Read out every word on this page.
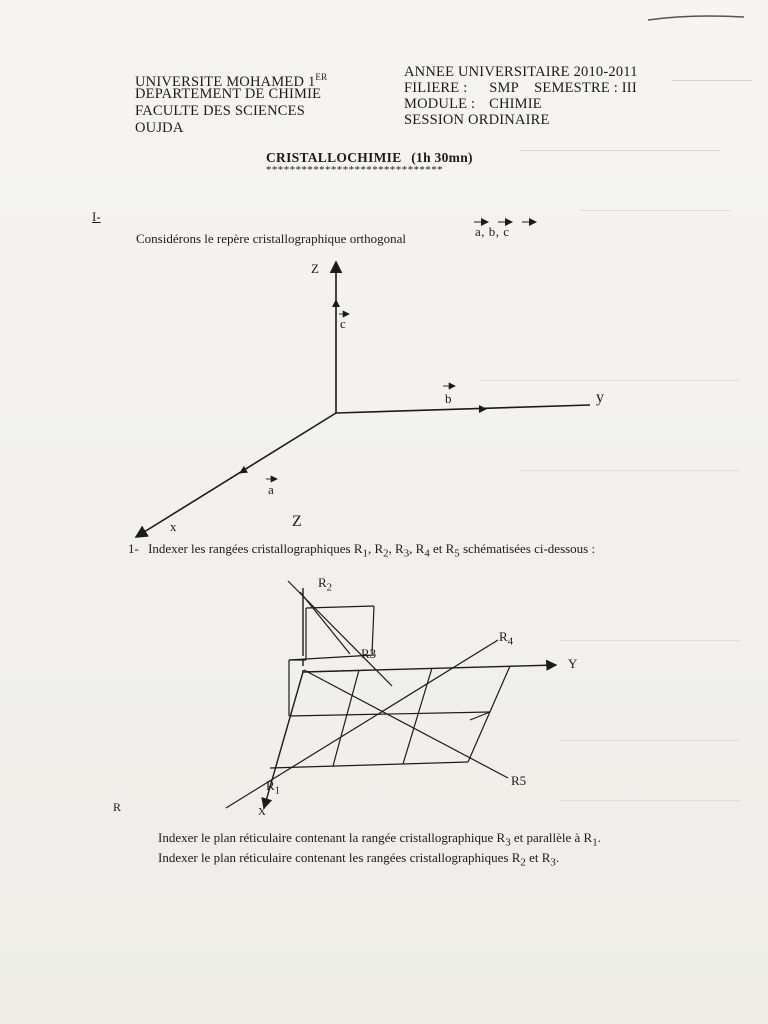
UNIVERSITE MOHAMED 1ER
DEPARTEMENT DE CHIMIE
FACULTE DES SCIENCES
OUJDA
ANNEE UNIVERSITAIRE 2010-2011
FILIERE : SMP SEMESTRE : III
MODULE : CHIMIE
SESSION ORDINAIRE
CRISTALLOCHIMIE (1h 30mn)
******************************
I-
Considérons le repère cristallographique orthogonal	a, b, c
Z
c
b	y
a
x	Z
1- Indexer les rangées cristallographiques $R_1$, $R_2$, $R_3$, $R_4$ et $R_5$ schématisées ci-dessous :
$R_2$
$R_4$
R3
Y
$R_1$
X
R5
R
Indexer le plan réticulaire contenant la rangée cristallographique $R_3$ et parallèle à $R_1$.
Indexer le plan réticulaire contenant les rangées cristallographiques $R_2$ et $R_3$.
